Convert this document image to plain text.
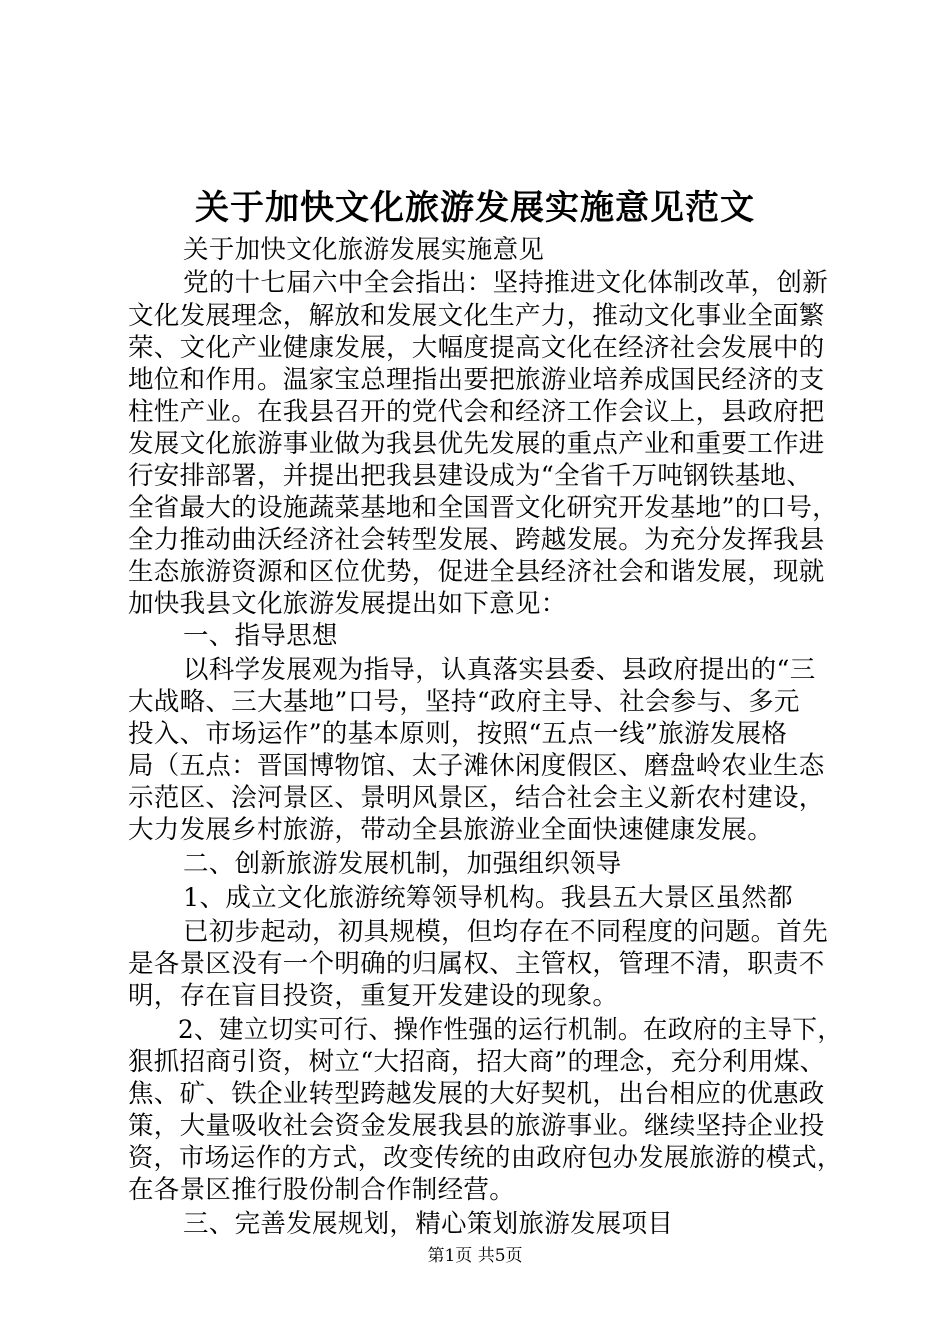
关于加快文化旅游发展实施意见范文
关于加快文化旅游发展实施意见
党的十七届六中全会指出：坚持推进文化体制改革，创新
文化发展理念，解放和发展文化生产力，推动文化事业全面繁
荣、文化产业健康发展，大幅度提高文化在经济社会发展中的
地位和作用。温家宝总理指出要把旅游业培养成国民经济的支
柱性产业。在我县召开的党代会和经济工作会议上，县政府把
发展文化旅游事业做为我县优先发展的重点产业和重要工作进
行安排部署，并提出把我县建设成为“全省千万吨钢铁基地、
全省最大的设施蔬菜基地和全国晋文化研究开发基地”的口号，
全力推动曲沃经济社会转型发展、跨越发展。为充分发挥我县
生态旅游资源和区位优势，促进全县经济社会和谐发展，现就
加快我县文化旅游发展提出如下意见：
一、指导思想
以科学发展观为指导，认真落实县委、县政府提出的“三
大战略、三大基地”口号，坚持“政府主导、社会参与、多元
投入、市场运作”的基本原则，按照“五点一线”旅游发展格
局（五点：晋国博物馆、太子滩休闲度假区、磨盘岭农业生态
示范区、浍河景区、景明风景区，结合社会主义新农村建设，
大力发展乡村旅游，带动全县旅游业全面快速健康发展。
二、创新旅游发展机制，加强组织领导
1、成立文化旅游统筹领导机构。我县五大景区虽然都
已初步起动，初具规模，但均存在不同程度的问题。首先
是各景区没有一个明确的归属权、主管权，管理不清，职责不
明，存在盲目投资，重复开发建设的现象。
2、建立切实可行、操作性强的运行机制。在政府的主导下，
狠抓招商引资，树立“大招商，招大商”的理念，充分利用煤、
焦、矿、铁企业转型跨越发展的大好契机，出台相应的优惠政
策，大量吸收社会资金发展我县的旅游事业。继续坚持企业投
资，市场运作的方式，改变传统的由政府包办发展旅游的模式，
在各景区推行股份制合作制经营。
三、完善发展规划，精心策划旅游发展项目
第1页 共5页
